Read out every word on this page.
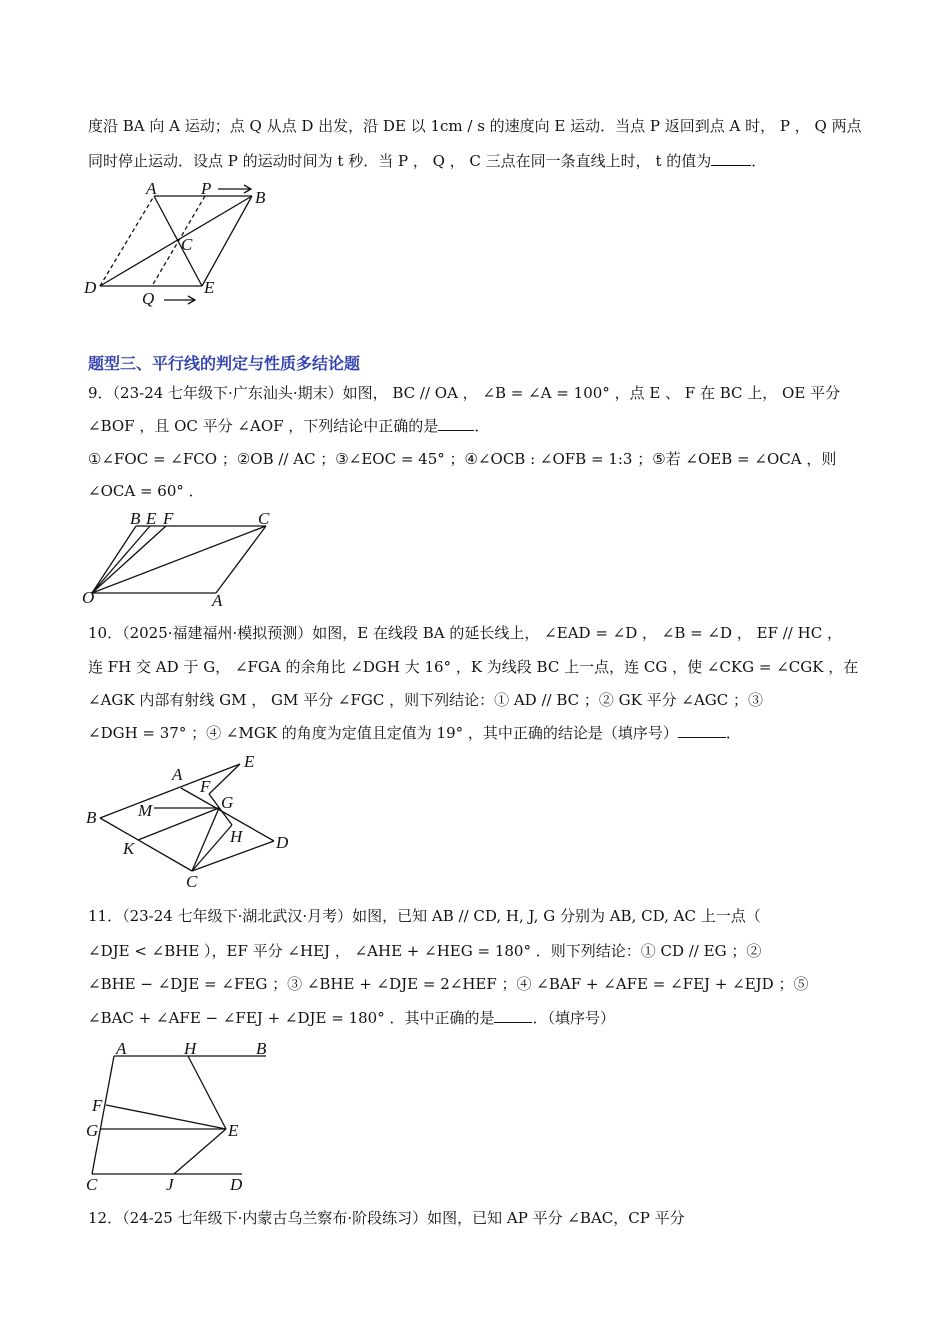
度沿 BA 向 A 运动；点 Q 从点 D 出发，沿 DE 以 1cm / s 的速度向 E 运动．当点 P 返回到点 A 时， P ， Q 两点
同时停止运动．设点 P 的运动时间为 t 秒．当 P ， Q ， C 三点在同一条直线上时， t 的值为	．
A	P	B
C
D
Q
E
题型三、平行线的判定与性质多结论题
9．（23-24 七年级下·广东汕头·期末）如图， BC // OA ， ∠B = ∠A = 100° ，点 E 、 F 在 BC 上， OE 平分
∠BOF ，且 OC 平分 ∠AOF ，下列结论中正确的是 ．
①∠FOC = ∠FCO ；②OB // AC ；③∠EOC = 45° ；④∠OCB : ∠OFB = 1:3 ；⑤若 ∠OEB = ∠OCA ，则
∠OCA = 60° ．
B E F	C
O	A
10．（2025·福建福州·模拟预测）如图，E 在线段 BA 的延长线上， ∠EAD = ∠D ， ∠B = ∠D ， EF // HC ，
连 FH 交 AD 于 G， ∠FGA 的余角比 ∠DGH 大 16° ，K 为线段 BC 上一点，连 CG ，使 ∠CKG = ∠CGK ，在
∠AGK 内部有射线 GM ， GM 平分 ∠FGC ，则下列结论：① AD // BC ；② GK 平分 ∠AGC ；③
∠DGH = 37° ；④ ∠MGK 的角度为定值且定值为 19° ，其中正确的结论是（填序号）	．
E
A
F
M	G
B
H D
K
C
11．（23-24 七年级下·湖北武汉·月考）如图，已知 AB // CD, H, J, G 分别为 AB, CD, AC 上一点（
∠DJE < ∠BHE ），EF 平分 ∠HEJ ， ∠AHE + ∠HEG = 180° ．则下列结论：① CD // EG ；②
∠BHE − ∠DJE = ∠FEG ；③ ∠BHE + ∠DJE = 2∠HEF ；④ ∠BAF + ∠AFE = ∠FEJ + ∠EJD ；⑤
∠BAC + ∠AFE − ∠FEJ + ∠DJE = 180° ．其中正确的是	．（填序号）
A	H	B
F
G	E
C	J	D
12．（24-25 七年级下·内蒙古乌兰察布·阶段练习）如图，已知 AP 平分 ∠BAC，CP 平分
